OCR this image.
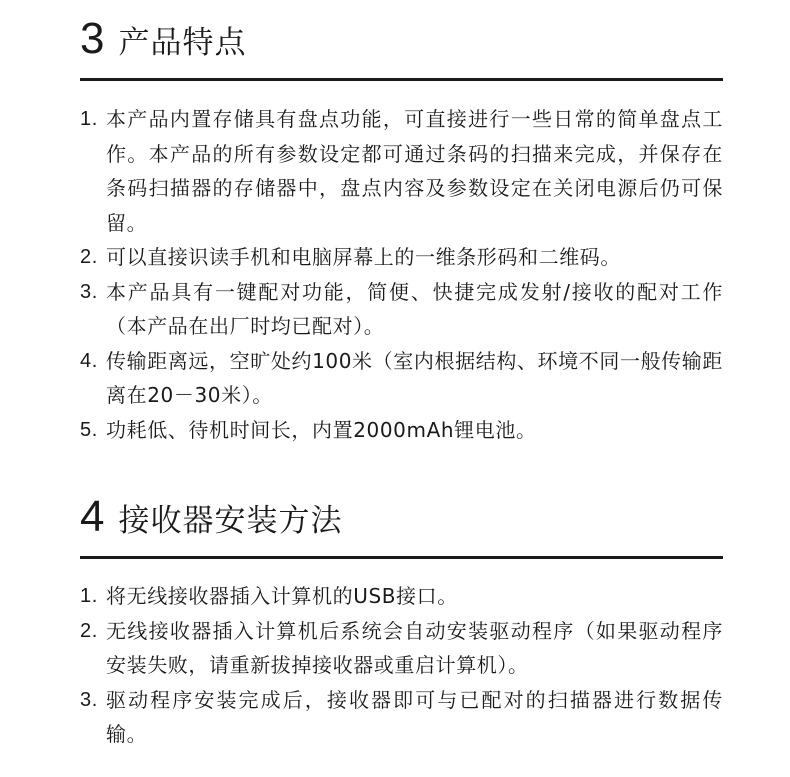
3 产品特点
1. 本产品内置存储具有盘点功能，可直接进行一些日常的简单盘点工作。本产品的所有参数设定都可通过条码的扫描来完成，并保存在条码扫描器的存储器中，盘点内容及参数设定在关闭电源后仍可保留。
2. 可以直接识读手机和电脑屏幕上的一维条形码和二维码。
3. 本产品具有一键配对功能，简便、快捷完成发射/接收的配对工作（本产品在出厂时均已配对）。
4. 传输距离远，空旷处约100米（室内根据结构、环境不同一般传输距离在20－30米）。
5. 功耗低、待机时间长，内置2000mAh锂电池。
4 接收器安装方法
1. 将无线接收器插入计算机的USB接口。
2. 无线接收器插入计算机后系统会自动安装驱动程序（如果驱动程序安装失败，请重新拔掉接收器或重启计算机）。
3. 驱动程序安装完成后，接收器即可与已配对的扫描器进行数据传输。
